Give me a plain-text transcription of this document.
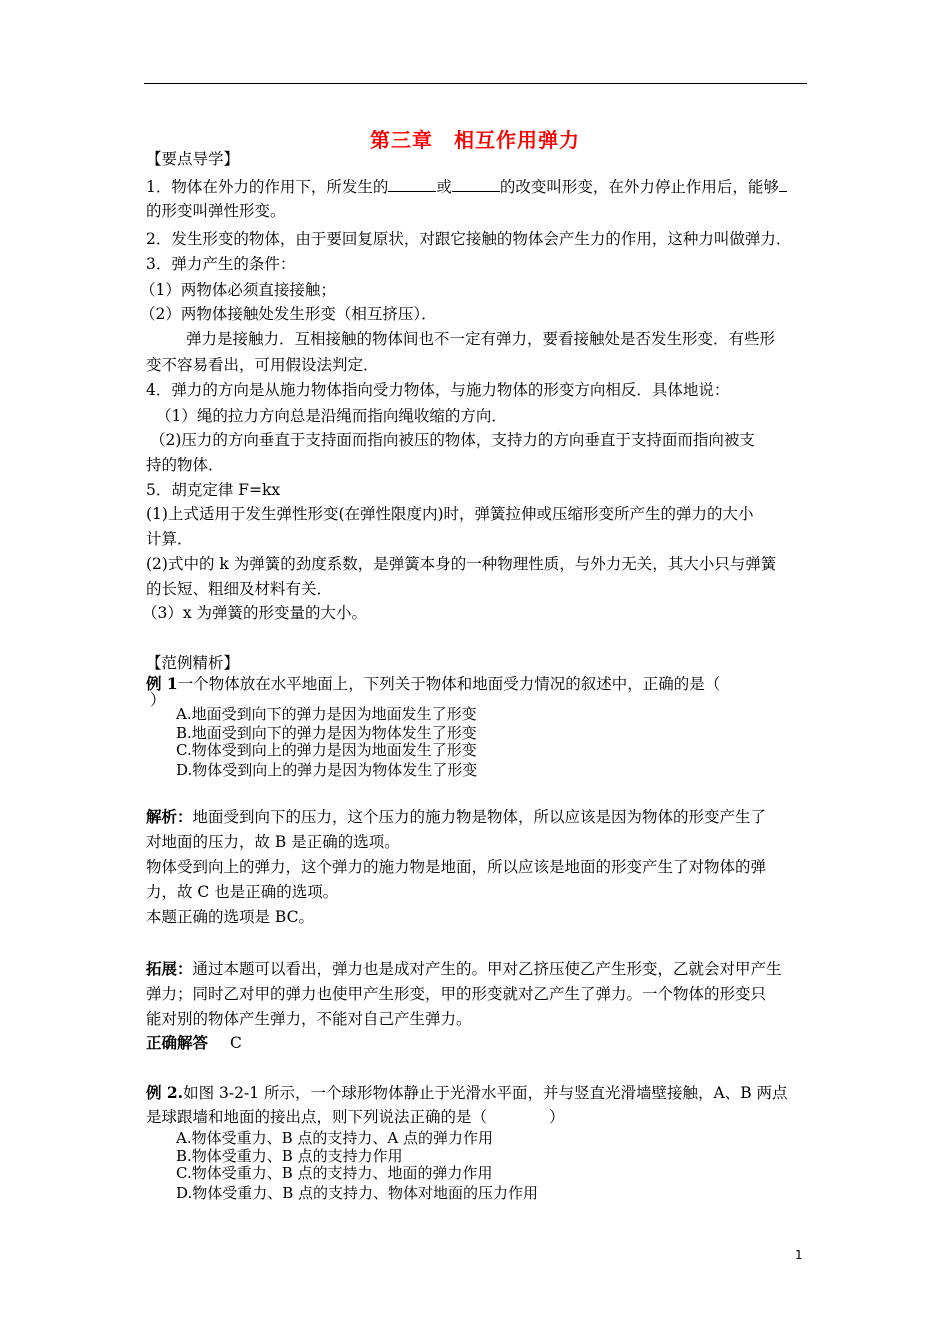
第三章　相互作用弹力
【要点导学】
1．物体在外力的作用下，所发生的	或	的改变叫形变，在外力停止作用后，能够
的形变叫弹性形变。
2．发生形变的物体，由于要回复原状，对跟它接触的物体会产生力的作用，这种力叫做弹力．
3．弹力产生的条件：
（1）两物体必须直接接触；
（2）两物体接触处发生形变（相互挤压）．
弹力是接触力．互相接触的物体间也不一定有弹力，要看接触处是否发生形变．有些形
变不容易看出，可用假设法判定．
4．弹力的方向是从施力物体指向受力物体，与施力物体的形变方向相反．具体地说：
（1）绳的拉力方向总是沿绳而指向绳收缩的方向．
（2)压力的方向垂直于支持面而指向被压的物体，支持力的方向垂直于支持面而指向被支
持的物体．
5．胡克定律 F=kx
(1)上式适用于发生弹性形变(在弹性限度内)时，弹簧拉伸或压缩形变所产生的弹力的大小
计算．
(2)式中的 k 为弹簧的劲度系数，是弹簧本身的一种物理性质，与外力无关，其大小只与弹簧
的长短、粗细及材料有关．
（3）x 为弹簧的形变量的大小。
【范例精析】
例 1一个物体放在水平地面上，下列关于物体和地面受力情况的叙述中，正确的是（
）
A.地面受到向下的弹力是因为地面发生了形变
B.地面受到向下的弹力是因为物体发生了形变
C.物体受到向上的弹力是因为地面发生了形变
D.物体受到向上的弹力是因为物体发生了形变
解析：地面受到向下的压力，这个压力的施力物是物体，所以应该是因为物体的形变产生了
对地面的压力，故 B 是正确的选项。
物体受到向上的弹力，这个弹力的施力物是地面，所以应该是地面的形变产生了对物体的弹
力，故 C 也是正确的选项。
本题正确的选项是 BC。
拓展：通过本题可以看出，弹力也是成对产生的。甲对乙挤压使乙产生形变，乙就会对甲产生
弹力；同时乙对甲的弹力也使甲产生形变，甲的形变就对乙产生了弹力。一个物体的形变只
能对别的物体产生弹力，不能对自己产生弹力。
正确解答 C
例 2.如图 3-2-1 所示，一个球形物体静止于光滑水平面，并与竖直光滑墙壁接触，A、B 两点
是球跟墙和地面的接出点，则下列说法正确的是（　　　　）
A.物体受重力、B 点的支持力、A 点的弹力作用
B.物体受重力、B 点的支持力作用
C.物体受重力、B 点的支持力、地面的弹力作用
D.物体受重力、B 点的支持力、物体对地面的压力作用
1
